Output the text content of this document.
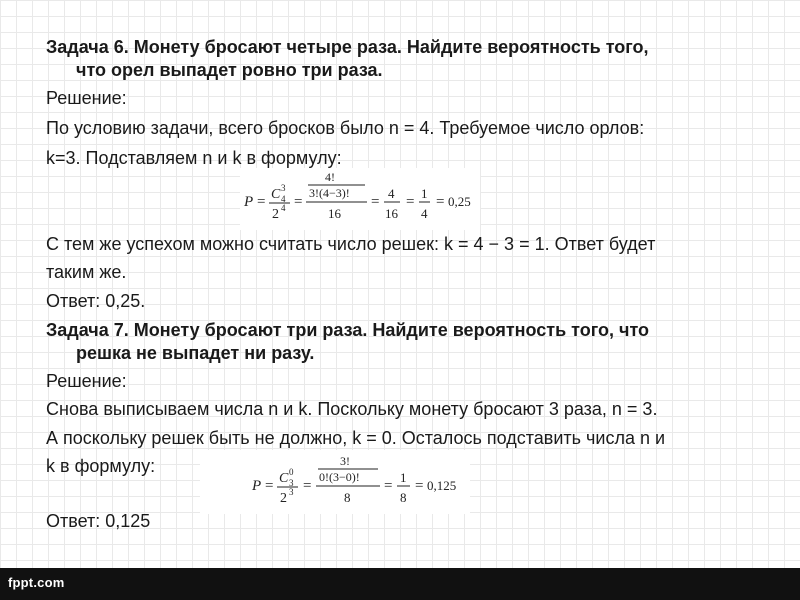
Задача 6. Монету бросают четыре раза. Найдите вероятность того,
что орел выпадет ровно три раза.
Решение:
По условию задачи, всего бросков было n = 4. Требуемое число орлов:
k=3. Подставляем n и k в формулу:
P = C 3
4
2 4 =
4!
3!(4−3)!
16
=
4
16
=
1
4
= 0,25
С тем же успехом можно считать число решек: k = 4 − 3 = 1. Ответ будет
таким же.
Ответ: 0,25.
Задача 7. Монету бросают три раза. Найдите вероятность того, что
решка не выпадет ни разу.
Решение:
Снова выписываем числа n и k. Поскольку монету бросают 3 раза, n = 3.
А поскольку решек быть не должно, k = 0. Осталось подставить числа n и
k в формулу:
P = C 0
3
2 3 =
3!
0!(3−0)!
8
=
1
8
= 0,125
Ответ: 0,125
fppt.com
